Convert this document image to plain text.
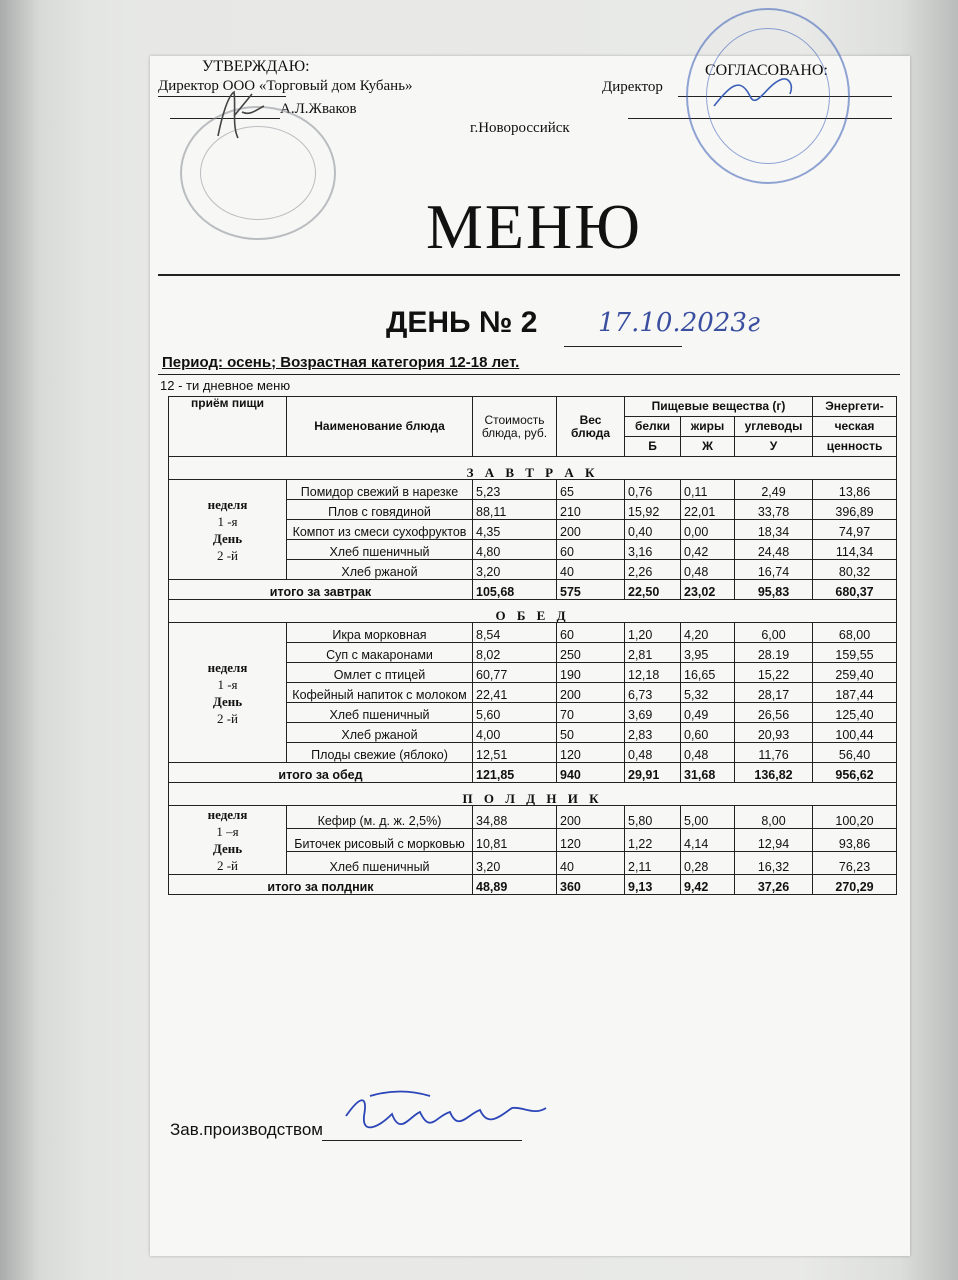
УТВЕРЖДАЮ:
Директор ООО «Торговый дом Кубань»
А.Л.Жваков
СОГЛАСОВАНО:
Директор
г.Новороссийск
МЕНЮ
ДЕНЬ № 2 17.10.2023г
Период: осень; Возрастная категория 12-18 лет.
12 - ти дневное меню
приём пищи	Наименование блюда	Стоимость блюда, руб.	Вес блюда	Пищевые вещества (г)			Энергети-
				белки	жиры	углеводы	ческая
				Б	Ж	У	ценность
З А В Т Р А К							

неделя
1 -я
День
2 -й	Помидор свежий в нарезке	5,23	65	0,76	0,11	2,49	13,86
	Плов с говядиной	88,11	210	15,92	22,01	33,78	396,89
	Компот из смеси сухофруктов	4,35	200	0,40	0,00	18,34	74,97
	Хлеб пшеничный	4,80	60	3,16	0,42	24,48	114,34
	Хлеб ржаной	3,20	40	2,26	0,48	16,74	80,32
итого за завтрак		105,68	575	22,50	23,02	95,83	680,37
О Б Е Д							

неделя
1 -я
День
2 -й	Икра морковная	8,54	60	1,20	4,20	6,00	68,00
	Суп с макаронами	8,02	250	2,81	3,95	28.19	159,55
	Омлет с птицей	60,77	190	12,18	16,65	15,22	259,40
	Кофейный напиток с молоком	22,41	200	6,73	5,32	28,17	187,44
	Хлеб пшеничный	5,60	70	3,69	0,49	26,56	125,40
	Хлеб ржаной	4,00	50	2,83	0,60	20,93	100,44
	Плоды свежие (яблоко)	12,51	120	0,48	0,48	11,76	56,40
итого за обед		121,85	940	29,91	31,68	136,82	956,62
П О Л Д Н И К							

неделя
1 –я
День
2 -й	Кефир (м. д. ж. 2,5%)	34,88	200	5,80	5,00	8,00	100,20
	Биточек рисовый с морковью	10,81	120	1,22	4,14	12,94	93,86
	Хлеб пшеничный	3,20	40	2,11	0,28	16,32	76,23
итого за полдник		48,89	360	9,13	9,42	37,26	270,29
Зав.производством
